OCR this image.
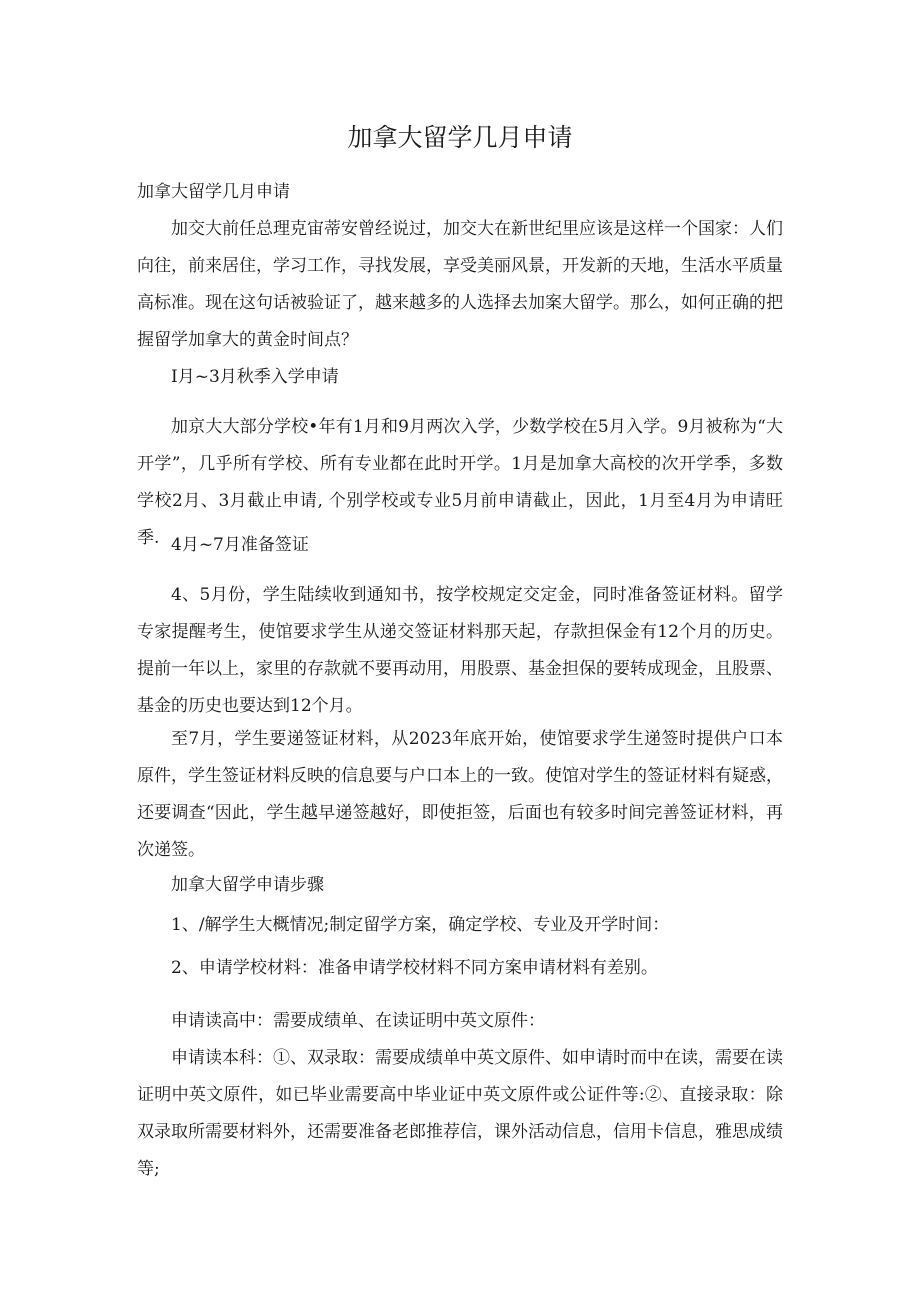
加拿大留学几月申请

加拿大留学几月申请

加交大前任总理克宙蒂安曾经说过，加交大在新世纪里应该是这样一个国家：人们向往，前来居住，学习工作，寻找发展，享受美丽风景，开发新的天地，生活水平质量高标准。现在这句话被验证了，越来越多的人选择去加案大留学。那么，如何正确的把握留学加拿大的黄金时间点？

I月~3月秋季入学申请

加京大大部分学校•年有1月和9月两次入学，少数学校在5月入学。9月被称为“大开学”，几乎所有学校、所有专业都在此时开学。1月是加拿大高校的次开学季，多数学校2月、3月截止申请, 个别学校或专业5月前申请截止，因此，1月至4月为申请旺季. 4月~7月准备签证

4、5月份，学生陆续收到通知书，按学校规定交定金，同时准备签证材料。留学专家提醒考生，使馆要求学生从递交签证材料那天起，存款担保金有12个月的历史。提前一年以上，家里的存款就不要再动用，用股票、基金担保的要转成现金，且股票、基金的历史也要达到12个月。

至7月，学生要递签证材料，从2023年底开始，使馆要求学生递签时提供户口本原件，学生签证材料反映的信息要与户口本上的一致。使馆对学生的签证材料有疑惑，还要调查“因此，学生越早递签越好，即使拒签，后面也有较多时间完善签证材料，再次递签。

加拿大留学申请步骤

1、/解学生大概情况;制定留学方案，确定学校、专业及开学时间：

2、申请学校材料：准备申请学校材料不同方案申请材料有差别。

申请读高中：需要成绩单、在读证明中英文原件：

申请读本科：①、双录取：需要成绩单中英文原件、如申请时而中在读，需要在读证明中英文原件，如已毕业需要高中毕业证中英文原件或公证件等:②、直接录取：除双录取所需要材料外，还需要准备老郎推荐信，课外活动信息，信用卡信息，雅思成绩等;
